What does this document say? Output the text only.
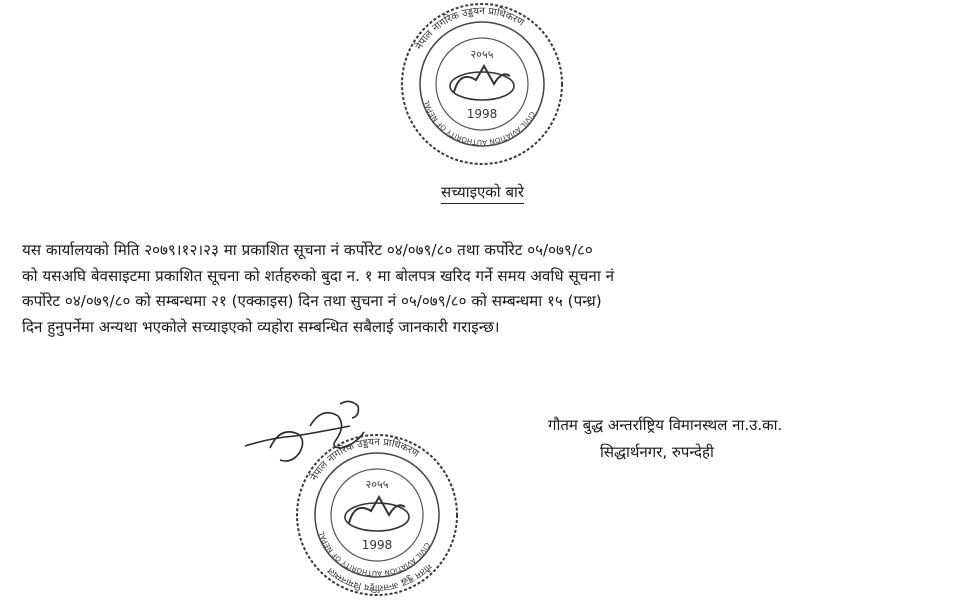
नेपाल नागरिक उड्डयन प्राधिकरण
CIVIL AVIATION AUTHORITY OF NEPAL
२०५५
1998
सच्याइएको बारे
यस कार्यालयको मिति २०७९।१२।२३ मा प्रकाशित सूचना नं कर्पोरेट ०४/०७९/८० तथा कर्पोरेट ०५/०७९/८०
को यसअघि बेवसाइटमा प्रकाशित सूचना को शर्तहरुको बुदा न. १ मा बोलपत्र खरिद गर्ने समय अवधि सूचना नं
कर्पोरेट ०४/०७९/८० को सम्बन्धमा २१ (एक्काइस) दिन तथा सुचना नं ०५/०७९/८० को सम्बन्धमा १५ (पन्ध्र)
दिन हुनुपर्नेमा अन्यथा भएकोले सच्याइएको व्यहोरा सम्बन्धित सबैलाई जानकारी गराइन्छ।
नेपाल नागरिक उड्डयन प्राधिकरण
CIVIL AVIATION AUTHORITY OF NEPAL
गौतम बुद्ध अन्तर्राष्ट्रिय विमानस्थल
२०५५
1998
गौतम बुद्ध अन्तर्राष्ट्रिय विमानस्थल ना.उ.का.
सिद्धार्थनगर, रुपन्देही
